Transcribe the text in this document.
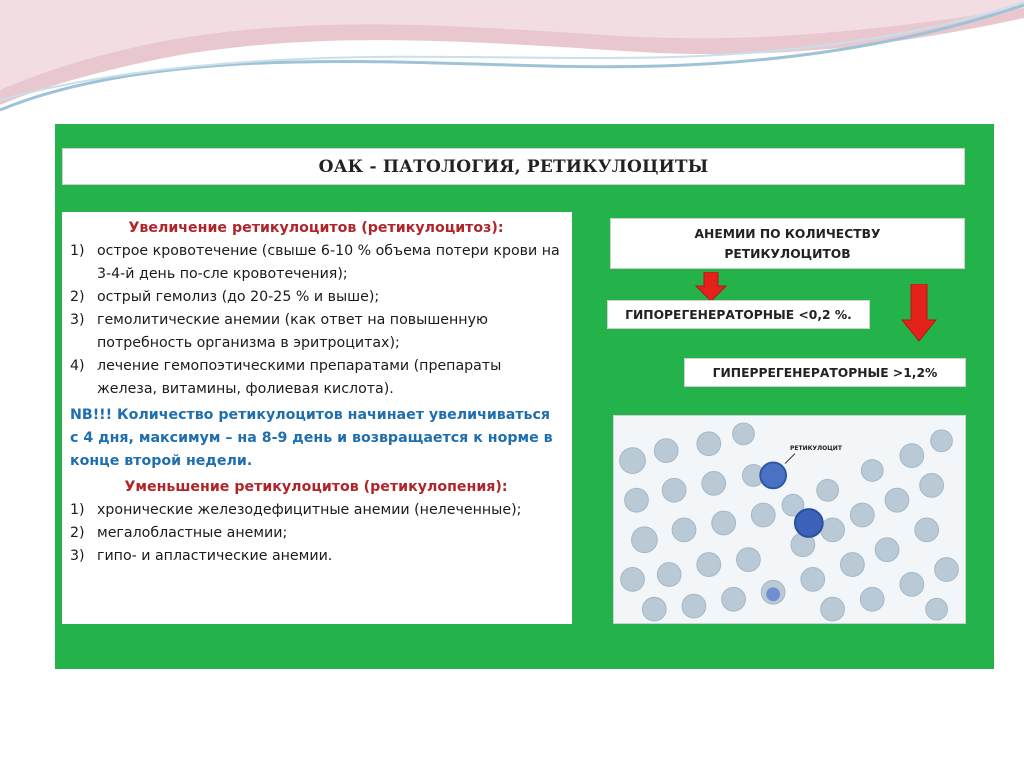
ОАК - ПАТОЛОГИЯ, РЕТИКУЛОЦИТЫ

Увеличение ретикулоцитов (ретикулоцитоз):

1) острое кровотечение (свыше 6-10 % объема потери крови на 3-4-й день по-сле кровотечения);
2) острый гемолиз (до 20-25 % и выше);
3) гемолитические анемии (как ответ на повышенную потребность организма в эритроцитах);
4) лечение гемопоэтическими препаратами (препараты железа, витамины, фолиевая кислота).

NB!!! Количество ретикулоцитов начинает увеличиваться с 4 дня, максимум – на 8-9 день и возвращается к норме в конце второй недели.

Уменьшение ретикулоцитов (ретикулопения):

1) хронические железодефицитные анемии (нелеченные);
2) мегалобластные анемии;
3) гипо- и апластические анемии.
АНЕМИИ ПО КОЛИЧЕСТВУ
РЕТИКУЛОЦИТОВ
ГИПОРЕГЕНЕРАТОРНЫЕ <0,2 %.
ГИПЕРРЕГЕНЕРАТОРНЫЕ >1,2%
РЕТИКУЛОЦИТ
